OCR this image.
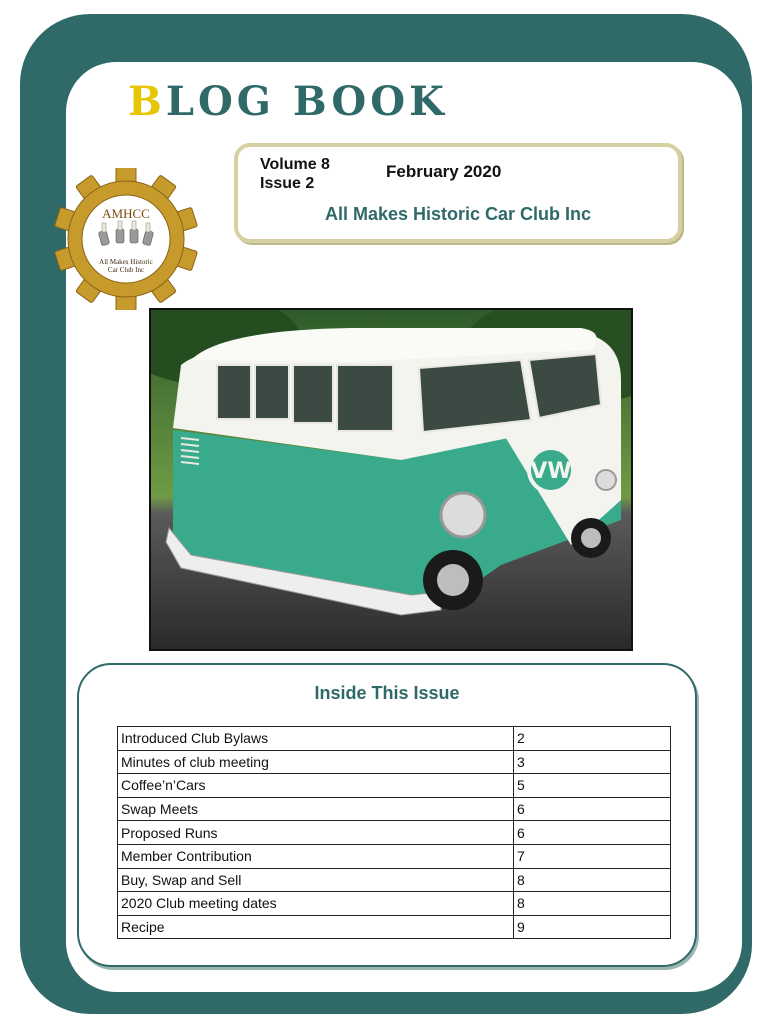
BLOG BOOK
Volume 8
Issue 2
February 2020
All Makes Historic Car Club Inc
AMHCC
All Makes Historic
Car Club Inc
VW
Inside This Issue
Introduced Club Bylaws	2
Minutes of club meeting	3
Coffee’n’Cars	5
Swap Meets	6
Proposed Runs	6
Member Contribution	7
Buy, Swap and Sell	8
2020 Club meeting dates	8
Recipe	9
